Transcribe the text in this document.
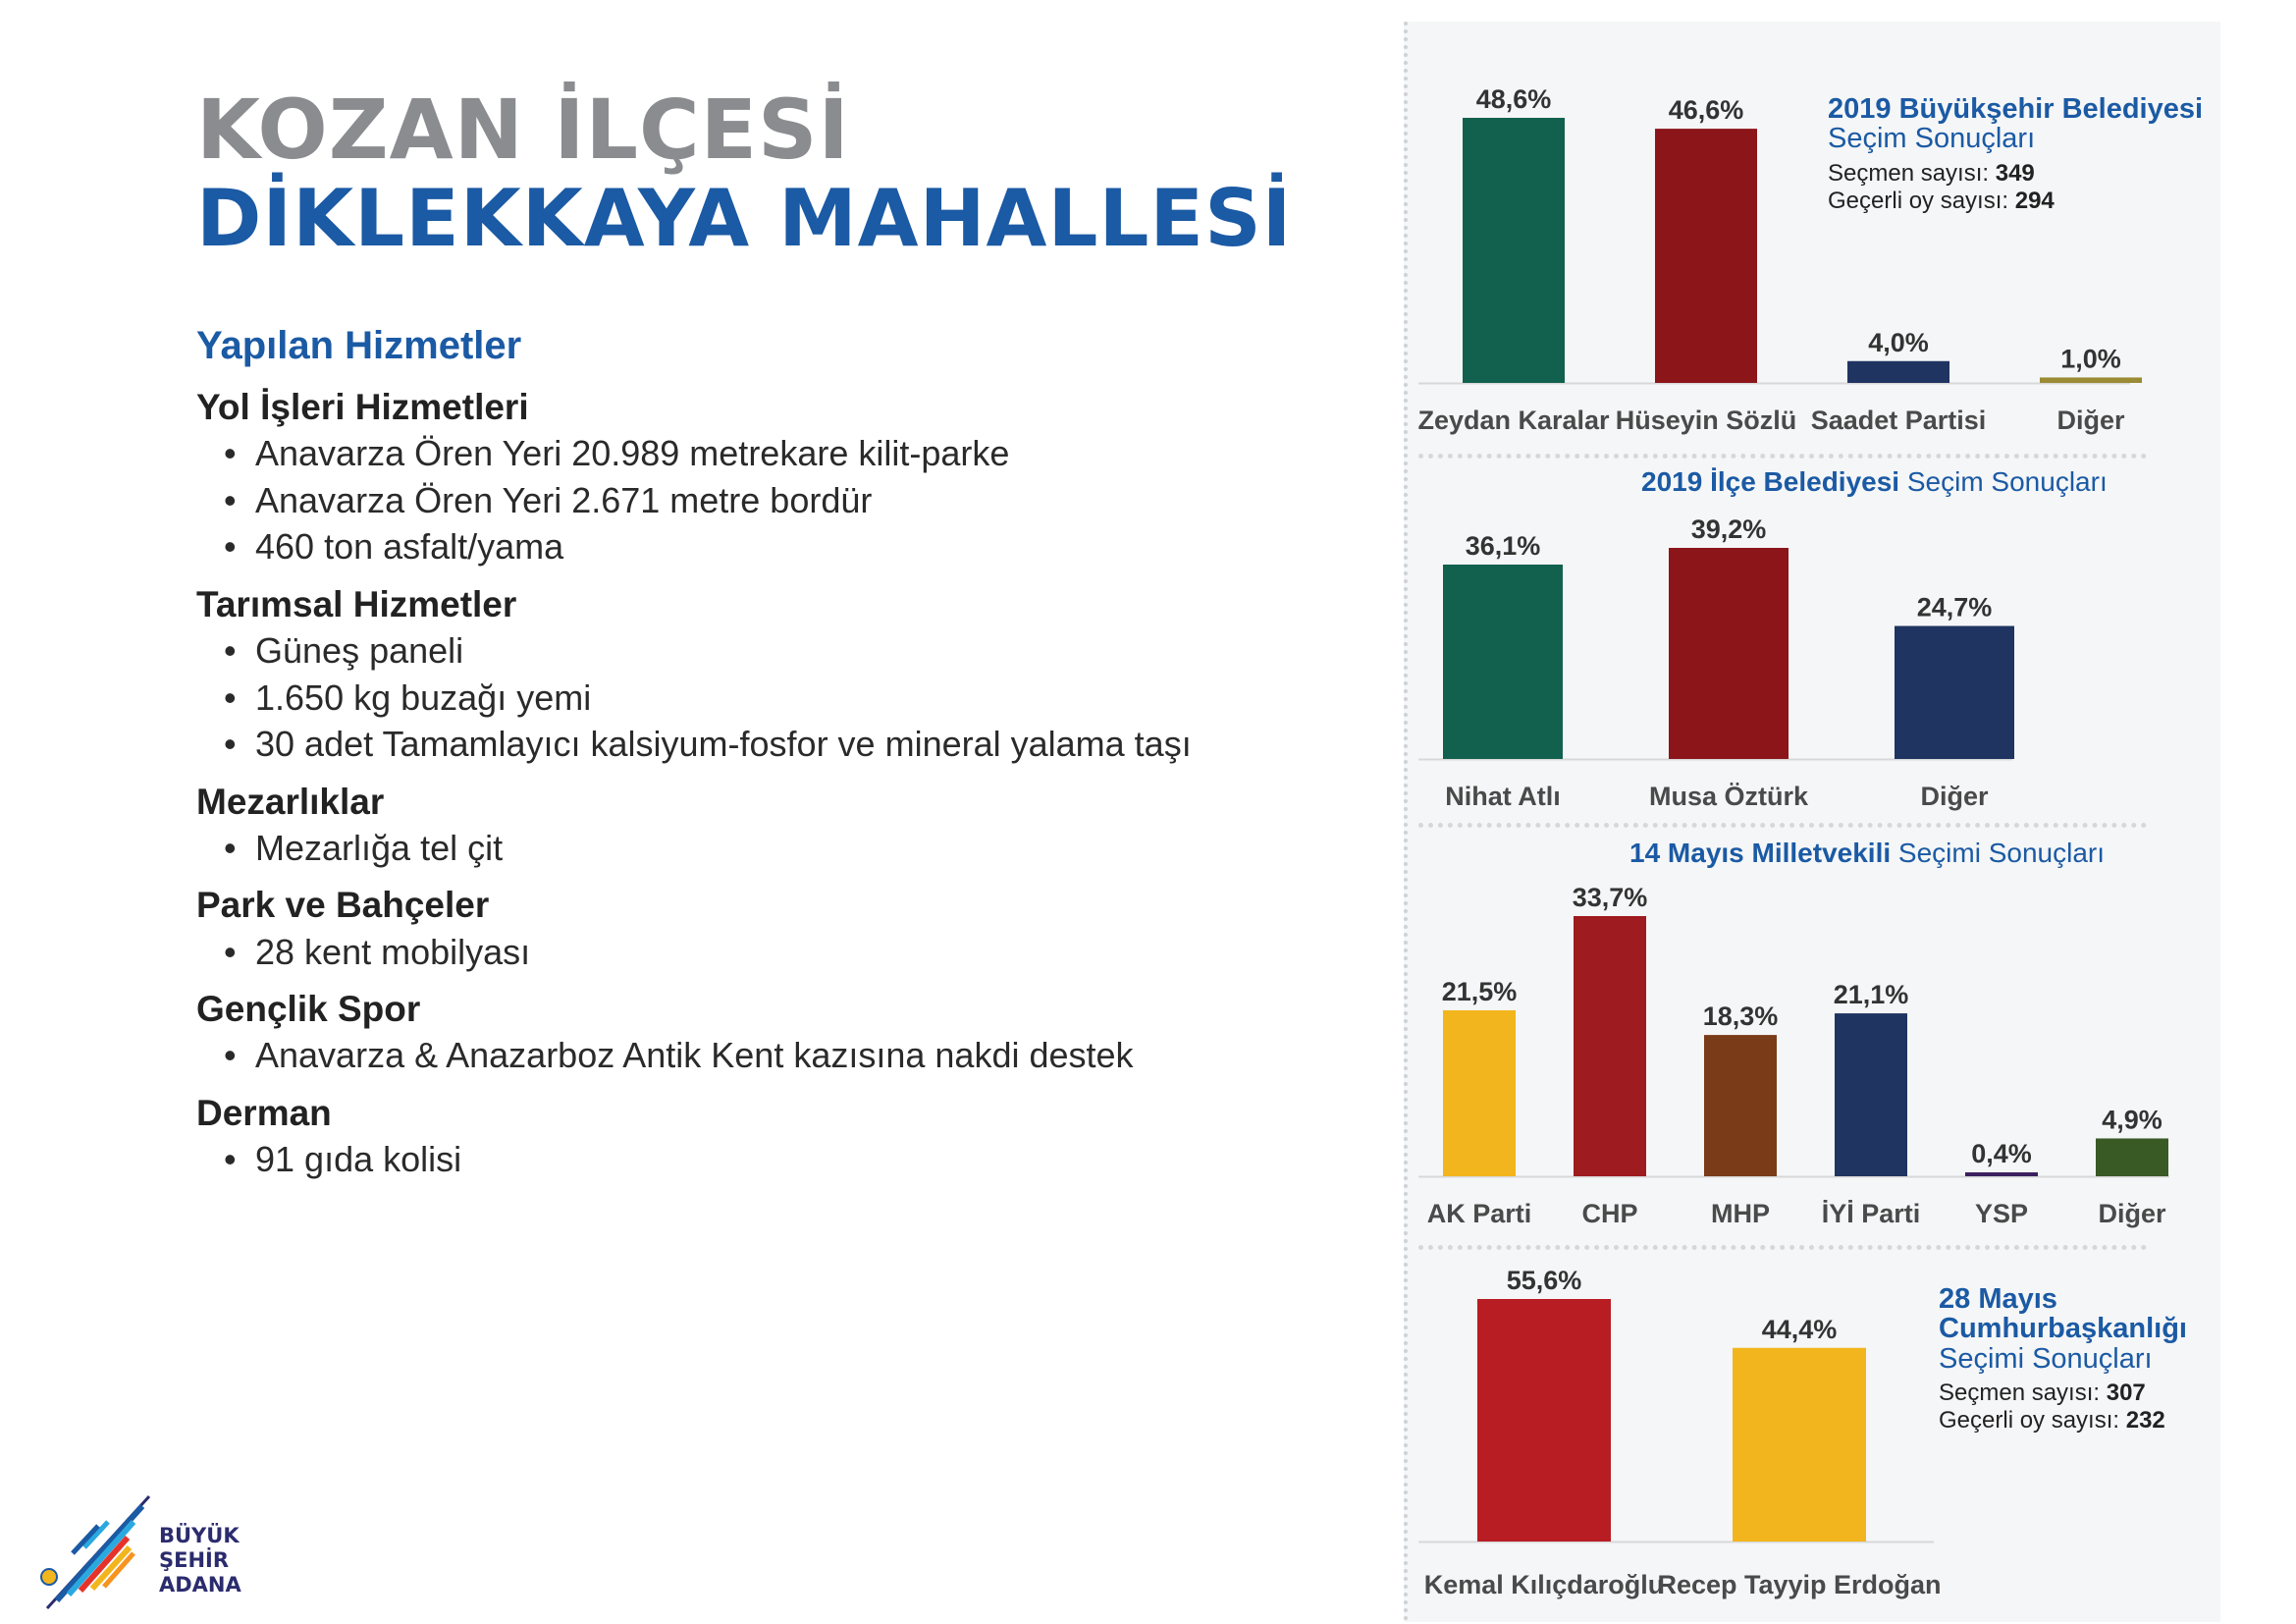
KOZAN İLÇESİ
DİKLEKKAYA MAHALLESİ
Yapılan Hizmetler
Yol İşleri Hizmetleri
• Anavarza Ören Yeri 20.989 metrekare kilit-parke
• Anavarza Ören Yeri 2.671 metre bordür
• 460 ton asfalt/yama
Tarımsal Hizmetler
• Güneş paneli
• 1.650 kg buzağı yemi
• 30 adet Tamamlayıcı kalsiyum-fosfor ve mineral yalama taşı
Mezarlıklar
• Mezarlığa tel çit
Park ve Bahçeler
• 28 kent mobilyası
Gençlik Spor
• Anavarza & Anazarboz Antik Kent kazısına nakdi destek
Derman
• 91 gıda kolisi
48,6%
Zeydan Karalar
46,6%
Hüseyin Sözlü
4,0%
Saadet Partisi
1,0%
Diğer
36,1%
Nihat Atlı
39,2%
Musa Öztürk
24,7%
Diğer
21,5%
AK Parti
33,7%
CHP
18,3%
MHP
21,1%
İYİ Parti
0,4%
YSP
4,9%
Diğer
55,6%
Kemal Kılıçdaroğlu
44,4%
Recep Tayyip Erdoğan
2019 Büyükşehir Belediyesi
Seçim Sonuçları
Seçmen sayısı: 349
Geçerli oy sayısı: 294
2019 İlçe Belediyesi Seçim Sonuçları
14 Mayıs Milletvekili Seçimi Sonuçları
28 Mayıs
Cumhurbaşkanlığı
Seçimi Sonuçları
Seçmen sayısı: 307
Geçerli oy sayısı: 232
BÜYÜK
ŞEHİR
ADANA
